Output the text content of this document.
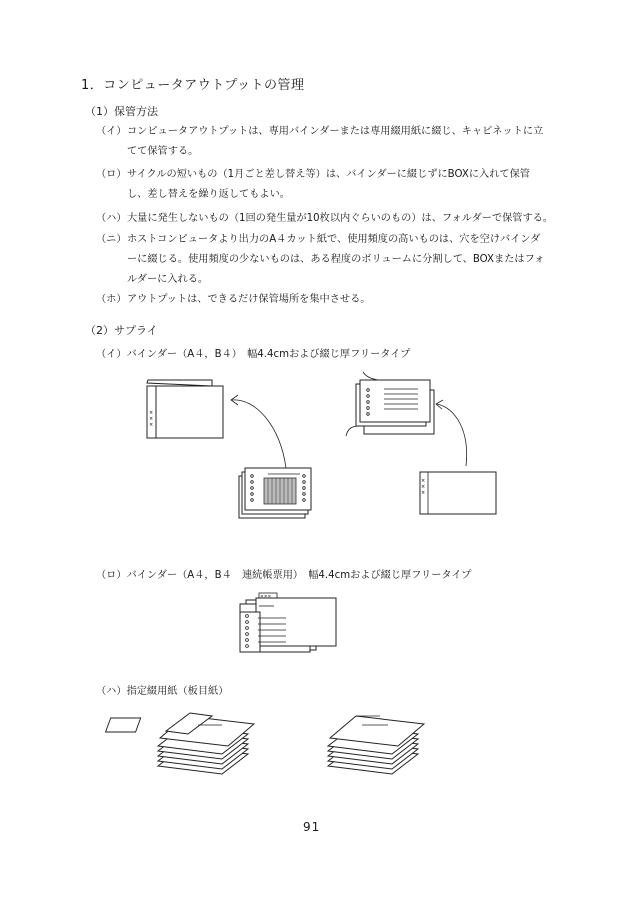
1．コンピュータアウトプットの管理
（1）保管方法
（イ） コンピュータアウトプットは、専用バインダーまたは専用綴用紙に綴じ、キャビネットに立てて保管する。
（ロ） サイクルの短いもの（1月ごと差し替え等）は、バインダーに綴じずにBOXに入れて保管し、差し替えを繰り返してもよい。
（ハ） 大量に発生しないもの（1回の発生量が10枚以内ぐらいのもの）は、フォルダーで保管する。
（ニ） ホストコンピュータより出力のA４カット紙で、使用頻度の高いものは、穴を空けバインダーに綴じる。使用頻度の少ないものは、ある程度のボリュームに分割して、BOXまたはフォルダーに入れる。
（ホ） アウトプットは、できるだけ保管場所を集中させる。
（2）サプライ
（イ）バインダー（A４，B４）　幅4.4cmおよび綴じ厚フリータイプ
×
×
×
×
×
×
×××
（ロ）バインダー（A４，B４　連続帳票用）　幅4.4cmおよび綴じ厚フリータイプ
（ハ）指定綴用紙（板目紙）
91
